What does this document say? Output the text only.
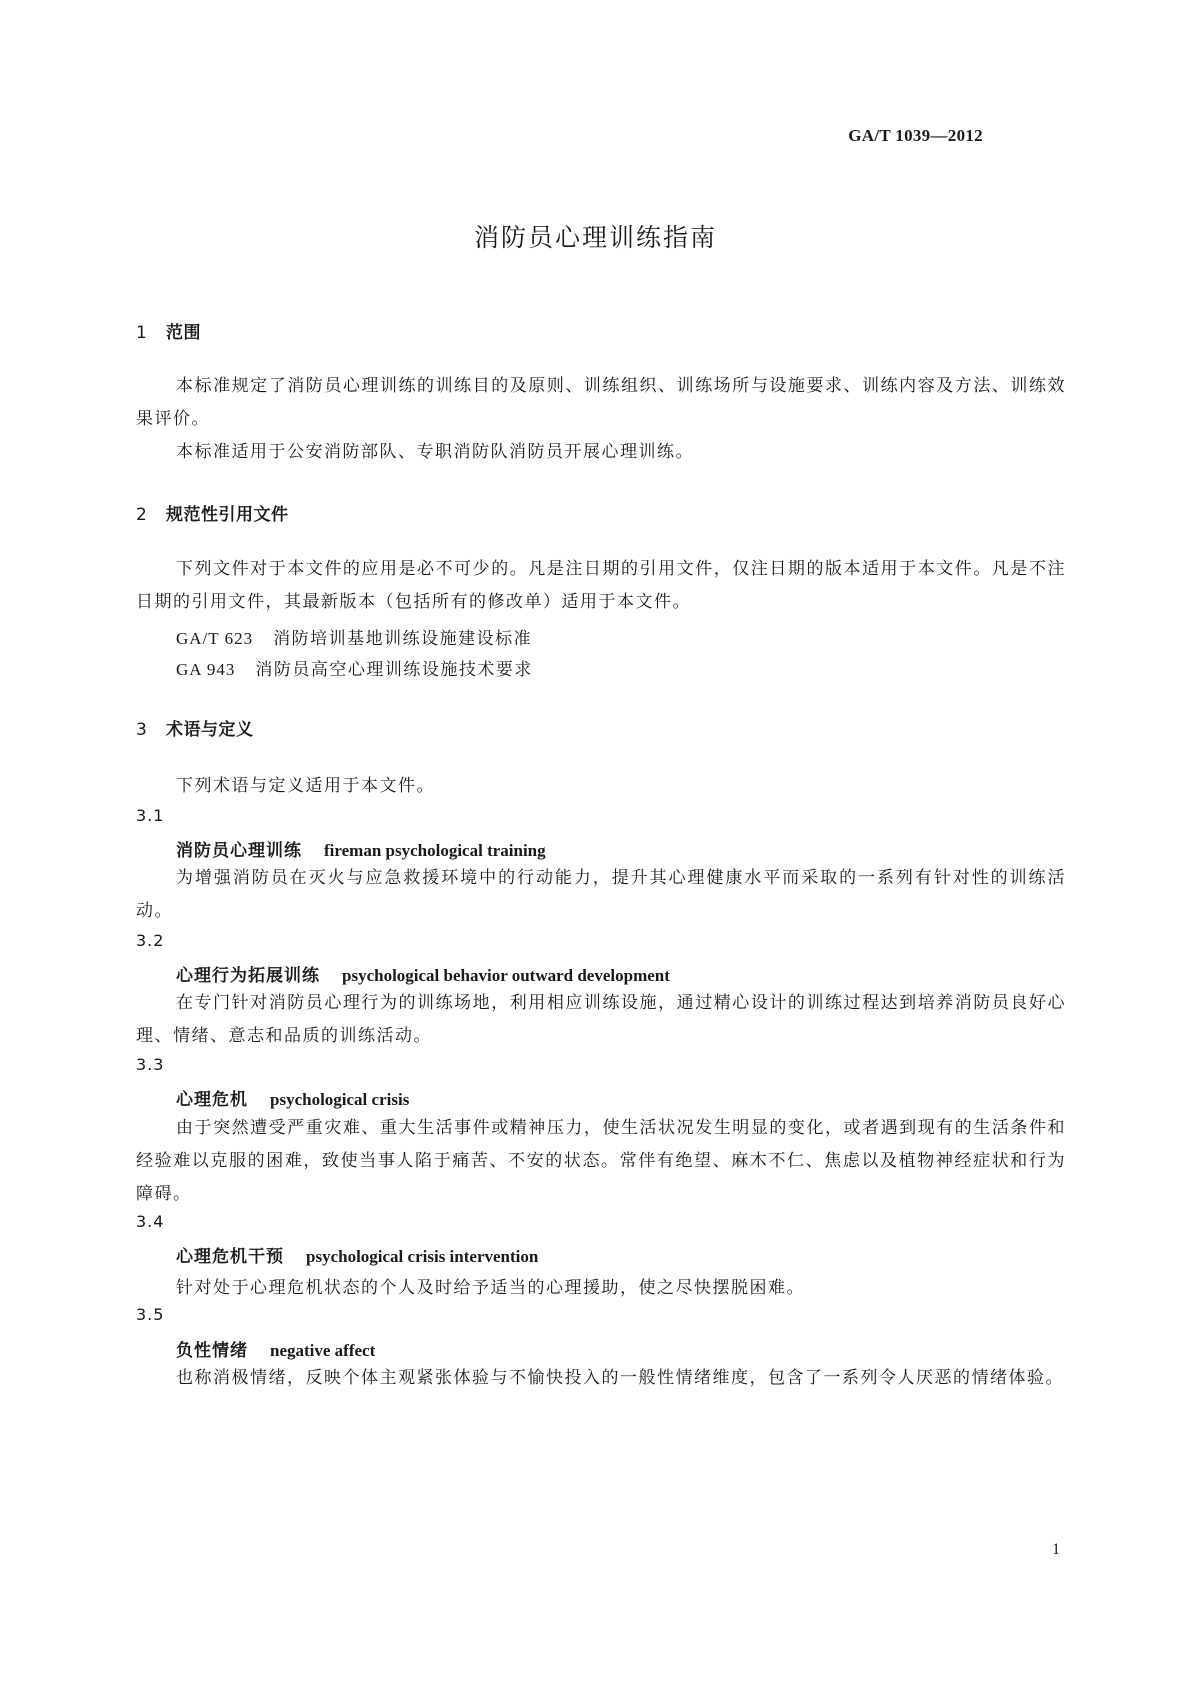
GA/T 1039—2012
消防员心理训练指南
1 范围
本标准规定了消防员心理训练的训练目的及原则、训练组织、训练场所与设施要求、训练内容及方法、训练效果评价。
本标准适用于公安消防部队、专职消防队消防员开展心理训练。
2 规范性引用文件
下列文件对于本文件的应用是必不可少的。凡是注日期的引用文件，仅注日期的版本适用于本文件。凡是不注日期的引用文件，其最新版本（包括所有的修改单）适用于本文件。
GA/T 623 消防培训基地训练设施建设标准
GA 943 消防员高空心理训练设施技术要求
3 术语与定义
下列术语与定义适用于本文件。
3.1
消防员心理训练 fireman psychological training
为增强消防员在灭火与应急救援环境中的行动能力，提升其心理健康水平而采取的一系列有针对性的训练活动。
3.2
心理行为拓展训练 psychological behavior outward development
在专门针对消防员心理行为的训练场地，利用相应训练设施，通过精心设计的训练过程达到培养消防员良好心理、情绪、意志和品质的训练活动。
3.3
心理危机 psychological crisis
由于突然遭受严重灾难、重大生活事件或精神压力，使生活状况发生明显的变化，或者遇到现有的生活条件和经验难以克服的困难，致使当事人陷于痛苦、不安的状态。常伴有绝望、麻木不仁、焦虑以及植物神经症状和行为障碍。
3.4
心理危机干预 psychological crisis intervention
针对处于心理危机状态的个人及时给予适当的心理援助，使之尽快摆脱困难。
3.5
负性情绪 negative affect
也称消极情绪，反映个体主观紧张体验与不愉快投入的一般性情绪维度，包含了一系列令人厌恶的情绪体验。
1
